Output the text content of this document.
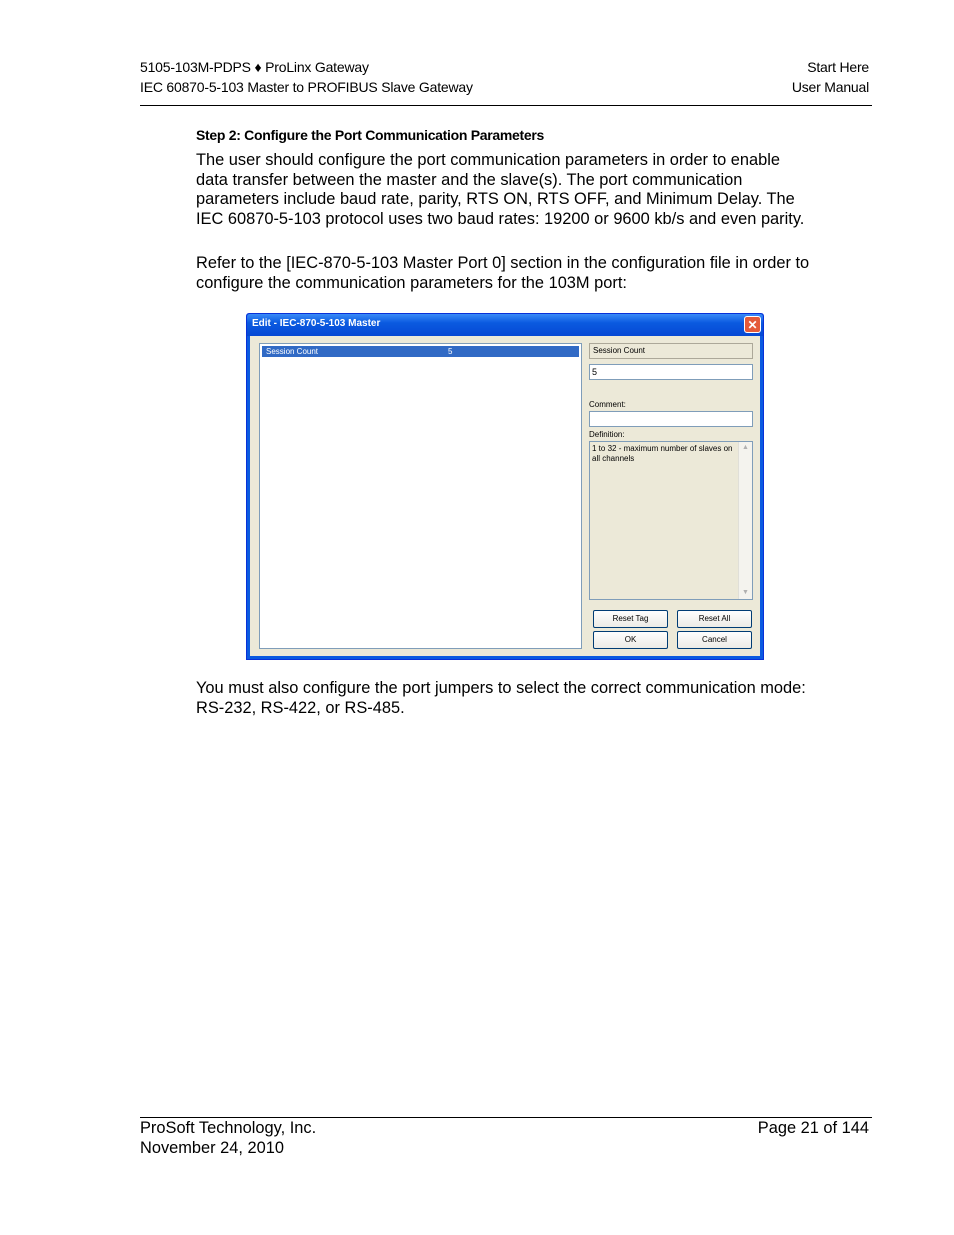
5105-103M-PDPS ♦ ProLinx Gateway
IEC 60870-5-103 Master to PROFIBUS Slave Gateway
Start Here
User Manual
Step 2: Configure the Port Communication Parameters

The user should configure the port communication parameters in order to enable data transfer between the master and the slave(s). The port communication parameters include baud rate, parity, RTS ON, RTS OFF, and Minimum Delay. The IEC 60870-5-103 protocol uses two baud rates: 19200 or 9600 kb/s and even parity.

Refer to the [IEC-870-5-103 Master Port 0] section in the configuration file in order to configure the communication parameters for the 103M port:

Edit - IEC-870-5-103 Master	✕
Session Count	5	Session Count
5
Comment:
Definition:
1 to 32 - maximum number of slaves on all channels
▲
▼
Reset Tag	Reset All
OK	Cancel

You must also configure the port jumpers to select the correct communication mode: RS-232, RS-422, or RS-485.

ProSoft Technology, Inc.
November 24, 2010
Page 21 of 144
